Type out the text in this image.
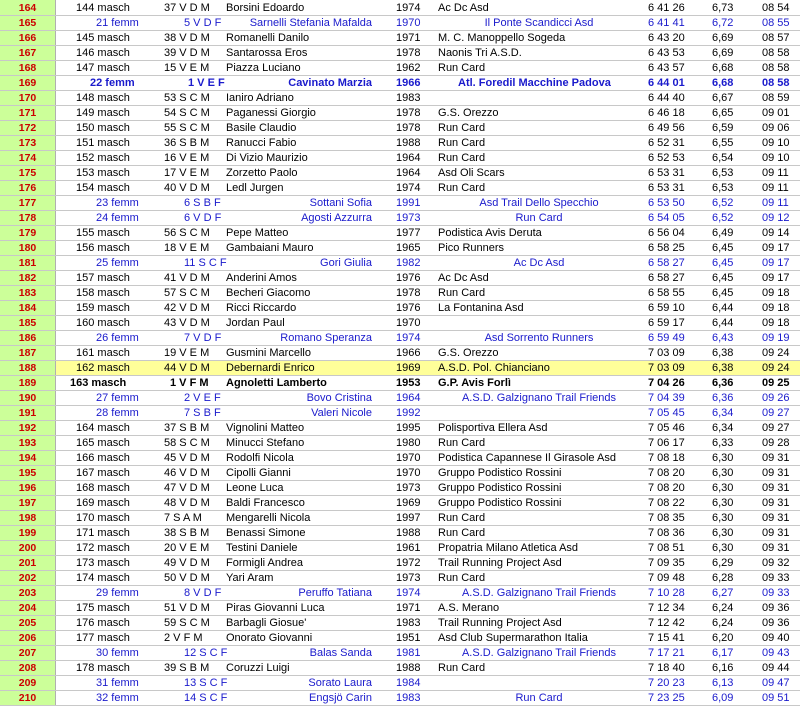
164	144 masch	37 V D M	Borsini Edoardo	1974	Ac Dc Asd	6 41 26	6,73	08 54
165	21 femm	5 V D F	Sarnelli Stefania Mafalda 1970	Il Ponte Scandicci Asd	6 41 41	6,72	08 55
166	145 masch	38 V D M	Romanelli Danilo	1971	M. C. Manoppello Sogeda	6 43 20	6,69	08 57
167	146 masch	39 V D M	Santarossa Eros	1978	Naonis Tri A.S.D.	6 43 53	6,69	08 58
168	147 masch	15 V E M	Piazza Luciano	1962	Run Card	6 43 57	6,68	08 58
169	22 femm	1 V E F	Cavinato Marzia 1966	Atl. Foredil Macchine Padova	6 44 01	6,68	08 58
170	148 masch	53 S C M	Ianiro Adriano	1983	6 44 40	6,67	08 59
171	149 masch	54 S C M	Paganessi Giorgio	1978	G.S. Orezzo	6 46 18	6,65	09 01
172	150 masch	55 S C M	Basile Claudio	1978	Run Card	6 49 56	6,59	09 06
173	151 masch	36 S B M	Ranucci Fabio	1988	Run Card	6 52 31	6,55	09 10
174	152 masch	16 V E M	Di Vizio Maurizio	1964	Run Card	6 52 53	6,54	09 10
175	153 masch	17 V E M	Zorzetto Paolo	1964	Asd Oli Scars	6 53 31	6,53	09 11
176	154 masch	40 V D M	Ledl Jurgen	1974	Run Card	6 53 31	6,53	09 11
177	23 femm	6 S B F	Sottani Sofia 1991	Asd Trail Dello Specchio	6 53 50	6,52	09 11
178	24 femm	6 V D F	Agosti Azzurra 1973	Run Card	6 54 05	6,52	09 12
179	155 masch	56 S C M	Pepe Matteo	1977	Podistica Avis Deruta	6 56 04	6,49	09 14
180	156 masch	18 V E M	Gambaiani Mauro	1965	Pico Runners	6 58 25	6,45	09 17
181	25 femm	11 S C F	Gori Giulia 1982	Ac Dc Asd	6 58 27	6,45	09 17
182	157 masch	41 V D M	Anderini Amos	1976	Ac Dc Asd	6 58 27	6,45	09 17
183	158 masch	57 S C M	Becheri Giacomo	1978	Run Card	6 58 55	6,45	09 18
184	159 masch	42 V D M	Ricci Riccardo	1976	La Fontanina Asd	6 59 10	6,44	09 18
185	160 masch	43 V D M	Jordan Paul	1970	6 59 17	6,44	09 18
186	26 femm	7 V D F	Romano Speranza 1974	Asd Sorrento Runners	6 59 49	6,43	09 19
187	161 masch	19 V E M	Gusmini Marcello	1966	G.S. Orezzo	7 03 09	6,38	09 24
188	162 masch	44 V D M	Debernardi Enrico	1969	A.S.D. Pol. Chianciano	7 03 09	6,38	09 24
189	163 masch	1 V F M	Agnoletti Lamberto	1953	G.P. Avis Forlì	7 04 26	6,36	09 25
190	27 femm	2 V E F	Bovo Cristina 1964	A.S.D. Galzignano Trail Friends	7 04 39	6,36	09 26
191	28 femm	7 S B F	Valeri Nicole 1992	7 05 45	6,34	09 27
192	164 masch	37 S B M	Vignolini Matteo	1995	Polisportiva Ellera Asd	7 05 46	6,34	09 27
193	165 masch	58 S C M	Minucci Stefano	1980	Run Card	7 06 17	6,33	09 28
194	166 masch	45 V D M	Rodolfi Nicola	1970	Podistica Capannese Il Girasole Asd	7 08 18	6,30	09 31
195	167 masch	46 V D M	Cipolli Gianni	1970	Gruppo Podistico Rossini	7 08 20	6,30	09 31
196	168 masch	47 V D M	Leone Luca	1973	Gruppo Podistico Rossini	7 08 20	6,30	09 31
197	169 masch	48 V D M	Baldi Francesco	1969	Gruppo Podistico Rossini	7 08 22	6,30	09 31
198	170 masch	7 S A M	Mengarelli Nicola	1997	Run Card	7 08 35	6,30	09 31
199	171 masch	38 S B M	Benassi Simone	1988	Run Card	7 08 36	6,30	09 31
200	172 masch	20 V E M	Testini Daniele	1961	Propatria Milano Atletica Asd	7 08 51	6,30	09 31
201	173 masch	49 V D M	Formigli Andrea	1972	Trail Running Project Asd	7 09 35	6,29	09 32
202	174 masch	50 V D M	Yari Aram	1973	Run Card	7 09 48	6,28	09 33
203	29 femm	8 V D F	Peruffo Tatiana 1974	A.S.D. Galzignano Trail Friends	7 10 28	6,27	09 33
204	175 masch	51 V D M	Piras Giovanni Luca	1971	A.S. Merano	7 12 34	6,24	09 36
205	176 masch	59 S C M	Barbagli Giosue'	1983	Trail Running Project Asd	7 12 42	6,24	09 36
206	177 masch	2 V F M	Onorato Giovanni	1951	Asd Club Supermarathon Italia	7 15 41	6,20	09 40
207	30 femm	12 S C F	Balas Sanda 1981	A.S.D. Galzignano Trail Friends	7 17 21	6,17	09 43
208	178 masch	39 S B M	Coruzzi Luigi	1988	Run Card	7 18 40	6,16	09 44
209	31 femm	13 S C F	Sorato Laura 1984	7 20 23	6,13	09 47
210	32 femm	14 S C F	Engsjö Carin 1983	Run Card	7 23 25	6,09	09 51
